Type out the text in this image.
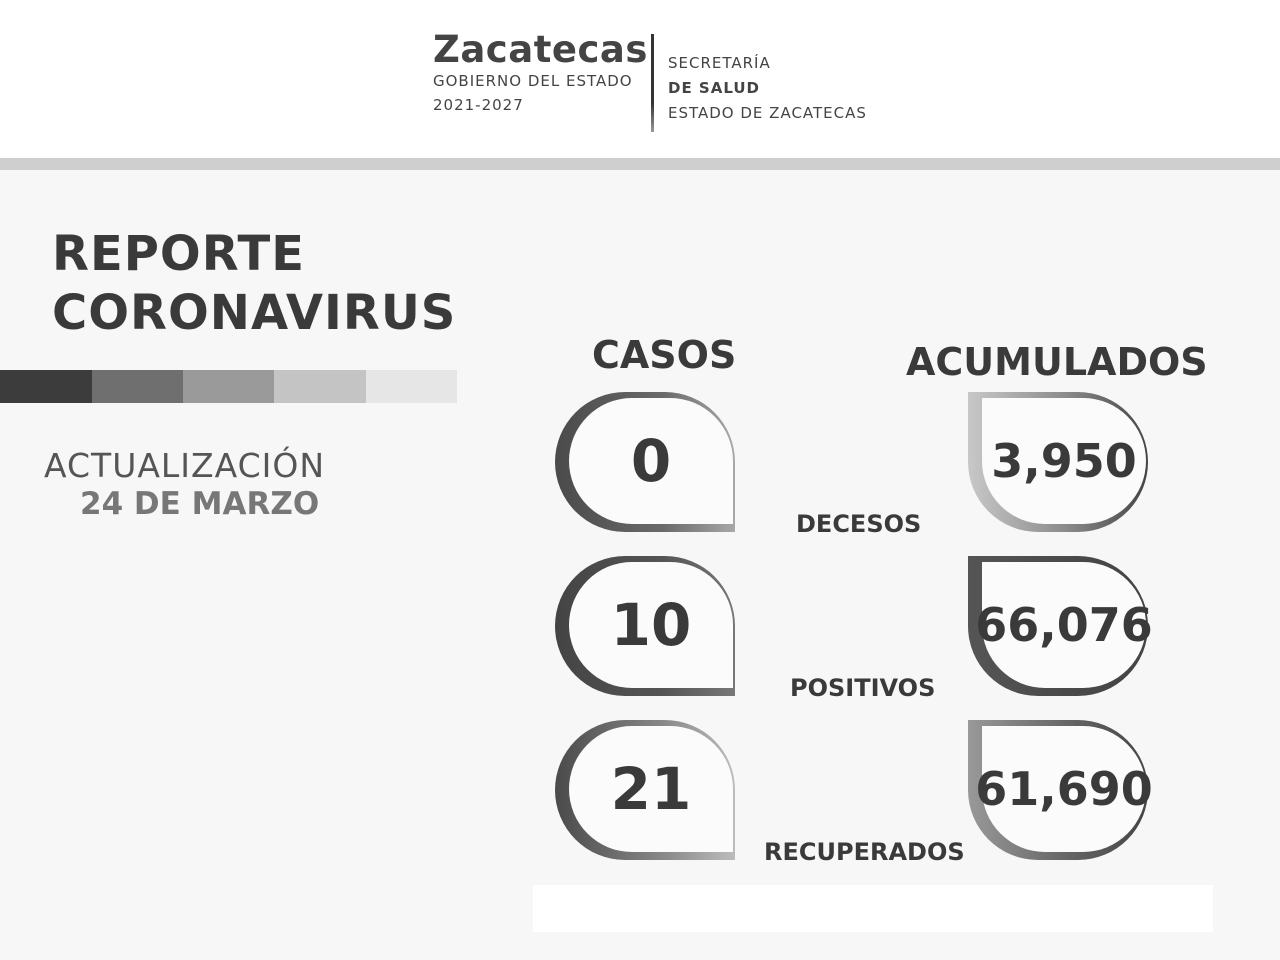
Zacatecas
GOBIERNO DEL ESTADO
2021-2027
SECRETARÍA
DE SALUD
ESTADO DE ZACATECAS
REPORTE
CORONAVIRUS
ACTUALIZACIÓN
24 DE MARZO
CASOS	ACUMULADOS
0
DECESOS
3,950
10
POSITIVOS
66,076
21
RECUPERADOS
61,690
